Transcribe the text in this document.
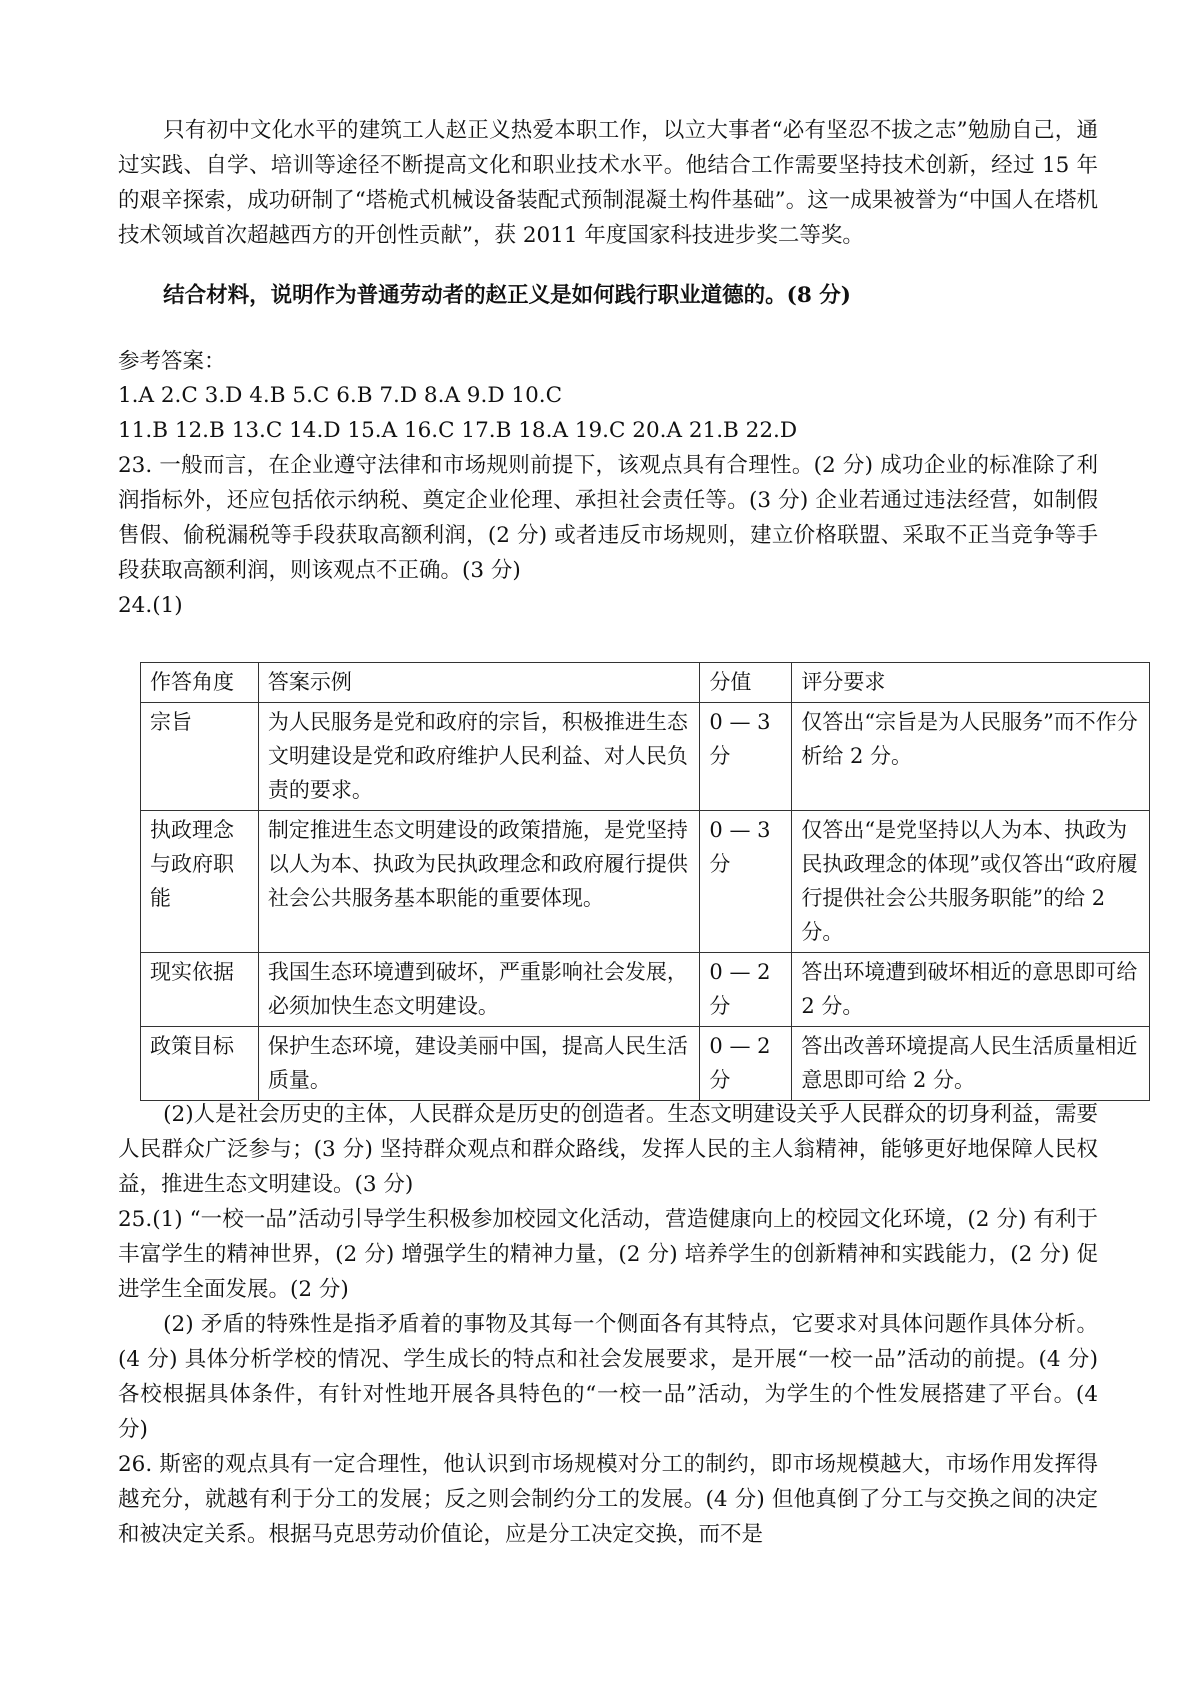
只有初中文化水平的建筑工人赵正义热爱本职工作，以立大事者“必有坚忍不拔之志”勉励自己，通过实践、自学、培训等途径不断提高文化和职业技术水平。他结合工作需要坚持技术创新，经过 15 年的艰辛探索，成功研制了“塔桅式机械设备装配式预制混凝土构件基础”。这一成果被誉为“中国人在塔机技术领域首次超越西方的开创性贡献”，获 2011 年度国家科技进步奖二等奖。

结合材料，说明作为普通劳动者的赵正义是如何践行职业道德的。(8 分)

参考答案：

1.A 2.C 3.D 4.B 5.C 6.B 7.D 8.A 9.D 10.C

11.B 12.B 13.C 14.D 15.A 16.C 17.B 18.A 19.C 20.A 21.B 22.D

23. 一般而言，在企业遵守法律和市场规则前提下，该观点具有合理性。(2 分) 成功企业的标准除了利润指标外，还应包括依示纳税、奠定企业伦理、承担社会责任等。(3 分) 企业若通过违法经营，如制假售假、偷税漏税等手段获取高额利润，(2 分) 或者违反市场规则，建立价格联盟、采取不正当竞争等手段获取高额利润，则该观点不正确。(3 分)

24.(1)

作答角度	答案示例	分值	评分要求
宗旨	为人民服务是党和政府的宗旨，积极推进生态文明建设是党和政府维护人民利益、对人民负责的要求。	0 — 3 分	仅答出“宗旨是为人民服务”而不作分析给 2 分。
执政理念与政府职能	制定推进生态文明建设的政策措施，是党坚持以人为本、执政为民执政理念和政府履行提供社会公共服务基本职能的重要体现。	0 — 3 分	仅答出“是党坚持以人为本、执政为民执政理念的体现”或仅答出“政府履行提供社会公共服务职能”的给 2 分。
现实依据	我国生态环境遭到破坏，严重影响社会发展，必须加快生态文明建设。	0 — 2 分	答出环境遭到破坏相近的意思即可给 2 分。
政策目标	保护生态环境，建设美丽中国，提高人民生活质量。	0 — 2 分	答出改善环境提高人民生活质量相近意思即可给 2 分。

(2)人是社会历史的主体，人民群众是历史的创造者。生态文明建设关乎人民群众的切身利益，需要人民群众广泛参与；(3 分) 坚持群众观点和群众路线，发挥人民的主人翁精神，能够更好地保障人民权益，推进生态文明建设。(3 分)

25.(1) “一校一品”活动引导学生积极参加校园文化活动，营造健康向上的校园文化环境，(2 分) 有利于丰富学生的精神世界，(2 分) 增强学生的精神力量，(2 分) 培养学生的创新精神和实践能力，(2 分) 促进学生全面发展。(2 分)

(2) 矛盾的特殊性是指矛盾着的事物及其每一个侧面各有其特点，它要求对具体问题作具体分析。(4 分) 具体分析学校的情况、学生成长的特点和社会发展要求，是开展“一校一品”活动的前提。(4 分) 各校根据具体条件，有针对性地开展各具特色的“一校一品”活动，为学生的个性发展搭建了平台。(4 分)

26. 斯密的观点具有一定合理性，他认识到市场规模对分工的制约，即市场规模越大，市场作用发挥得越充分，就越有利于分工的发展；反之则会制约分工的发展。(4 分) 但他真倒了分工与交换之间的决定和被决定关系。根据马克思劳动价值论，应是分工决定交换，而不是
